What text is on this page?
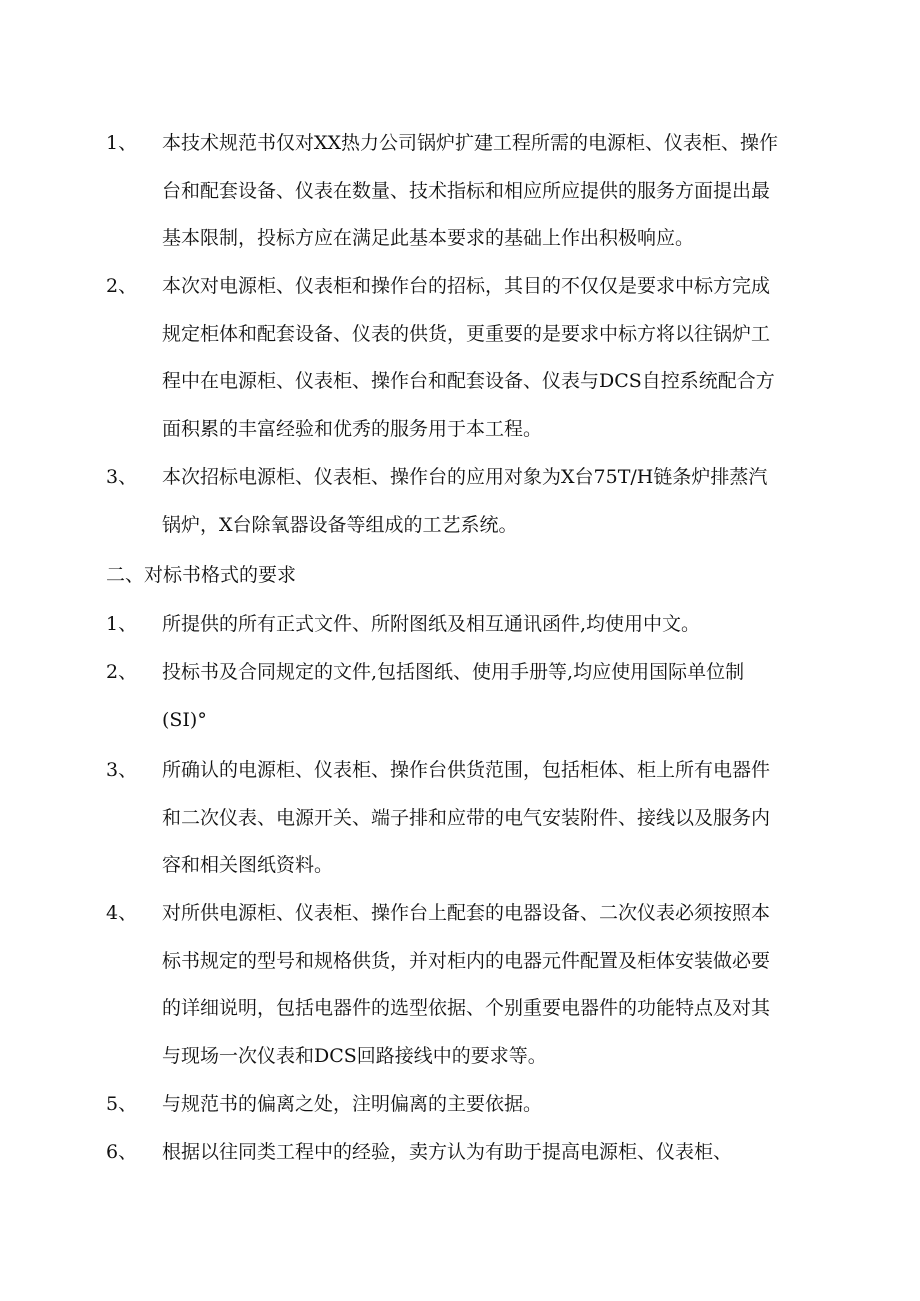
1、 本技术规范书仅对XX热力公司锅炉扩建工程所需的电源柜、仪表柜、操作
台和配套设备、仪表在数量、技术指标和相应所应提供的服务方面提出最
基本限制，投标方应在满足此基本要求的基础上作出积极响应。
2、 本次对电源柜、仪表柜和操作台的招标，其目的不仅仅是要求中标方完成
规定柜体和配套设备、仪表的供货，更重要的是要求中标方将以往锅炉工
程中在电源柜、仪表柜、操作台和配套设备、仪表与DCS自控系统配合方
面积累的丰富经验和优秀的服务用于本工程。
3、 本次招标电源柜、仪表柜、操作台的应用对象为X台75T/H链条炉排蒸汽
锅炉，X台除氧器设备等组成的工艺系统。
二、对标书格式的要求
1、 所提供的所有正式文件、所附图纸及相互通讯函件,均使用中文。
2、 投标书及合同规定的文件,包括图纸、使用手册等,均应使用国际单位制
(SI)°
3、 所确认的电源柜、仪表柜、操作台供货范围，包括柜体、柜上所有电器件
和二次仪表、电源开关、端子排和应带的电气安装附件、接线以及服务内
容和相关图纸资料。
4、 对所供电源柜、仪表柜、操作台上配套的电器设备、二次仪表必须按照本
标书规定的型号和规格供货，并对柜内的电器元件配置及柜体安装做必要
的详细说明，包括电器件的选型依据、个别重要电器件的功能特点及对其
与现场一次仪表和DCS回路接线中的要求等。
5、 与规范书的偏离之处，注明偏离的主要依据。
6、 根据以往同类工程中的经验，卖方认为有助于提高电源柜、仪表柜、
